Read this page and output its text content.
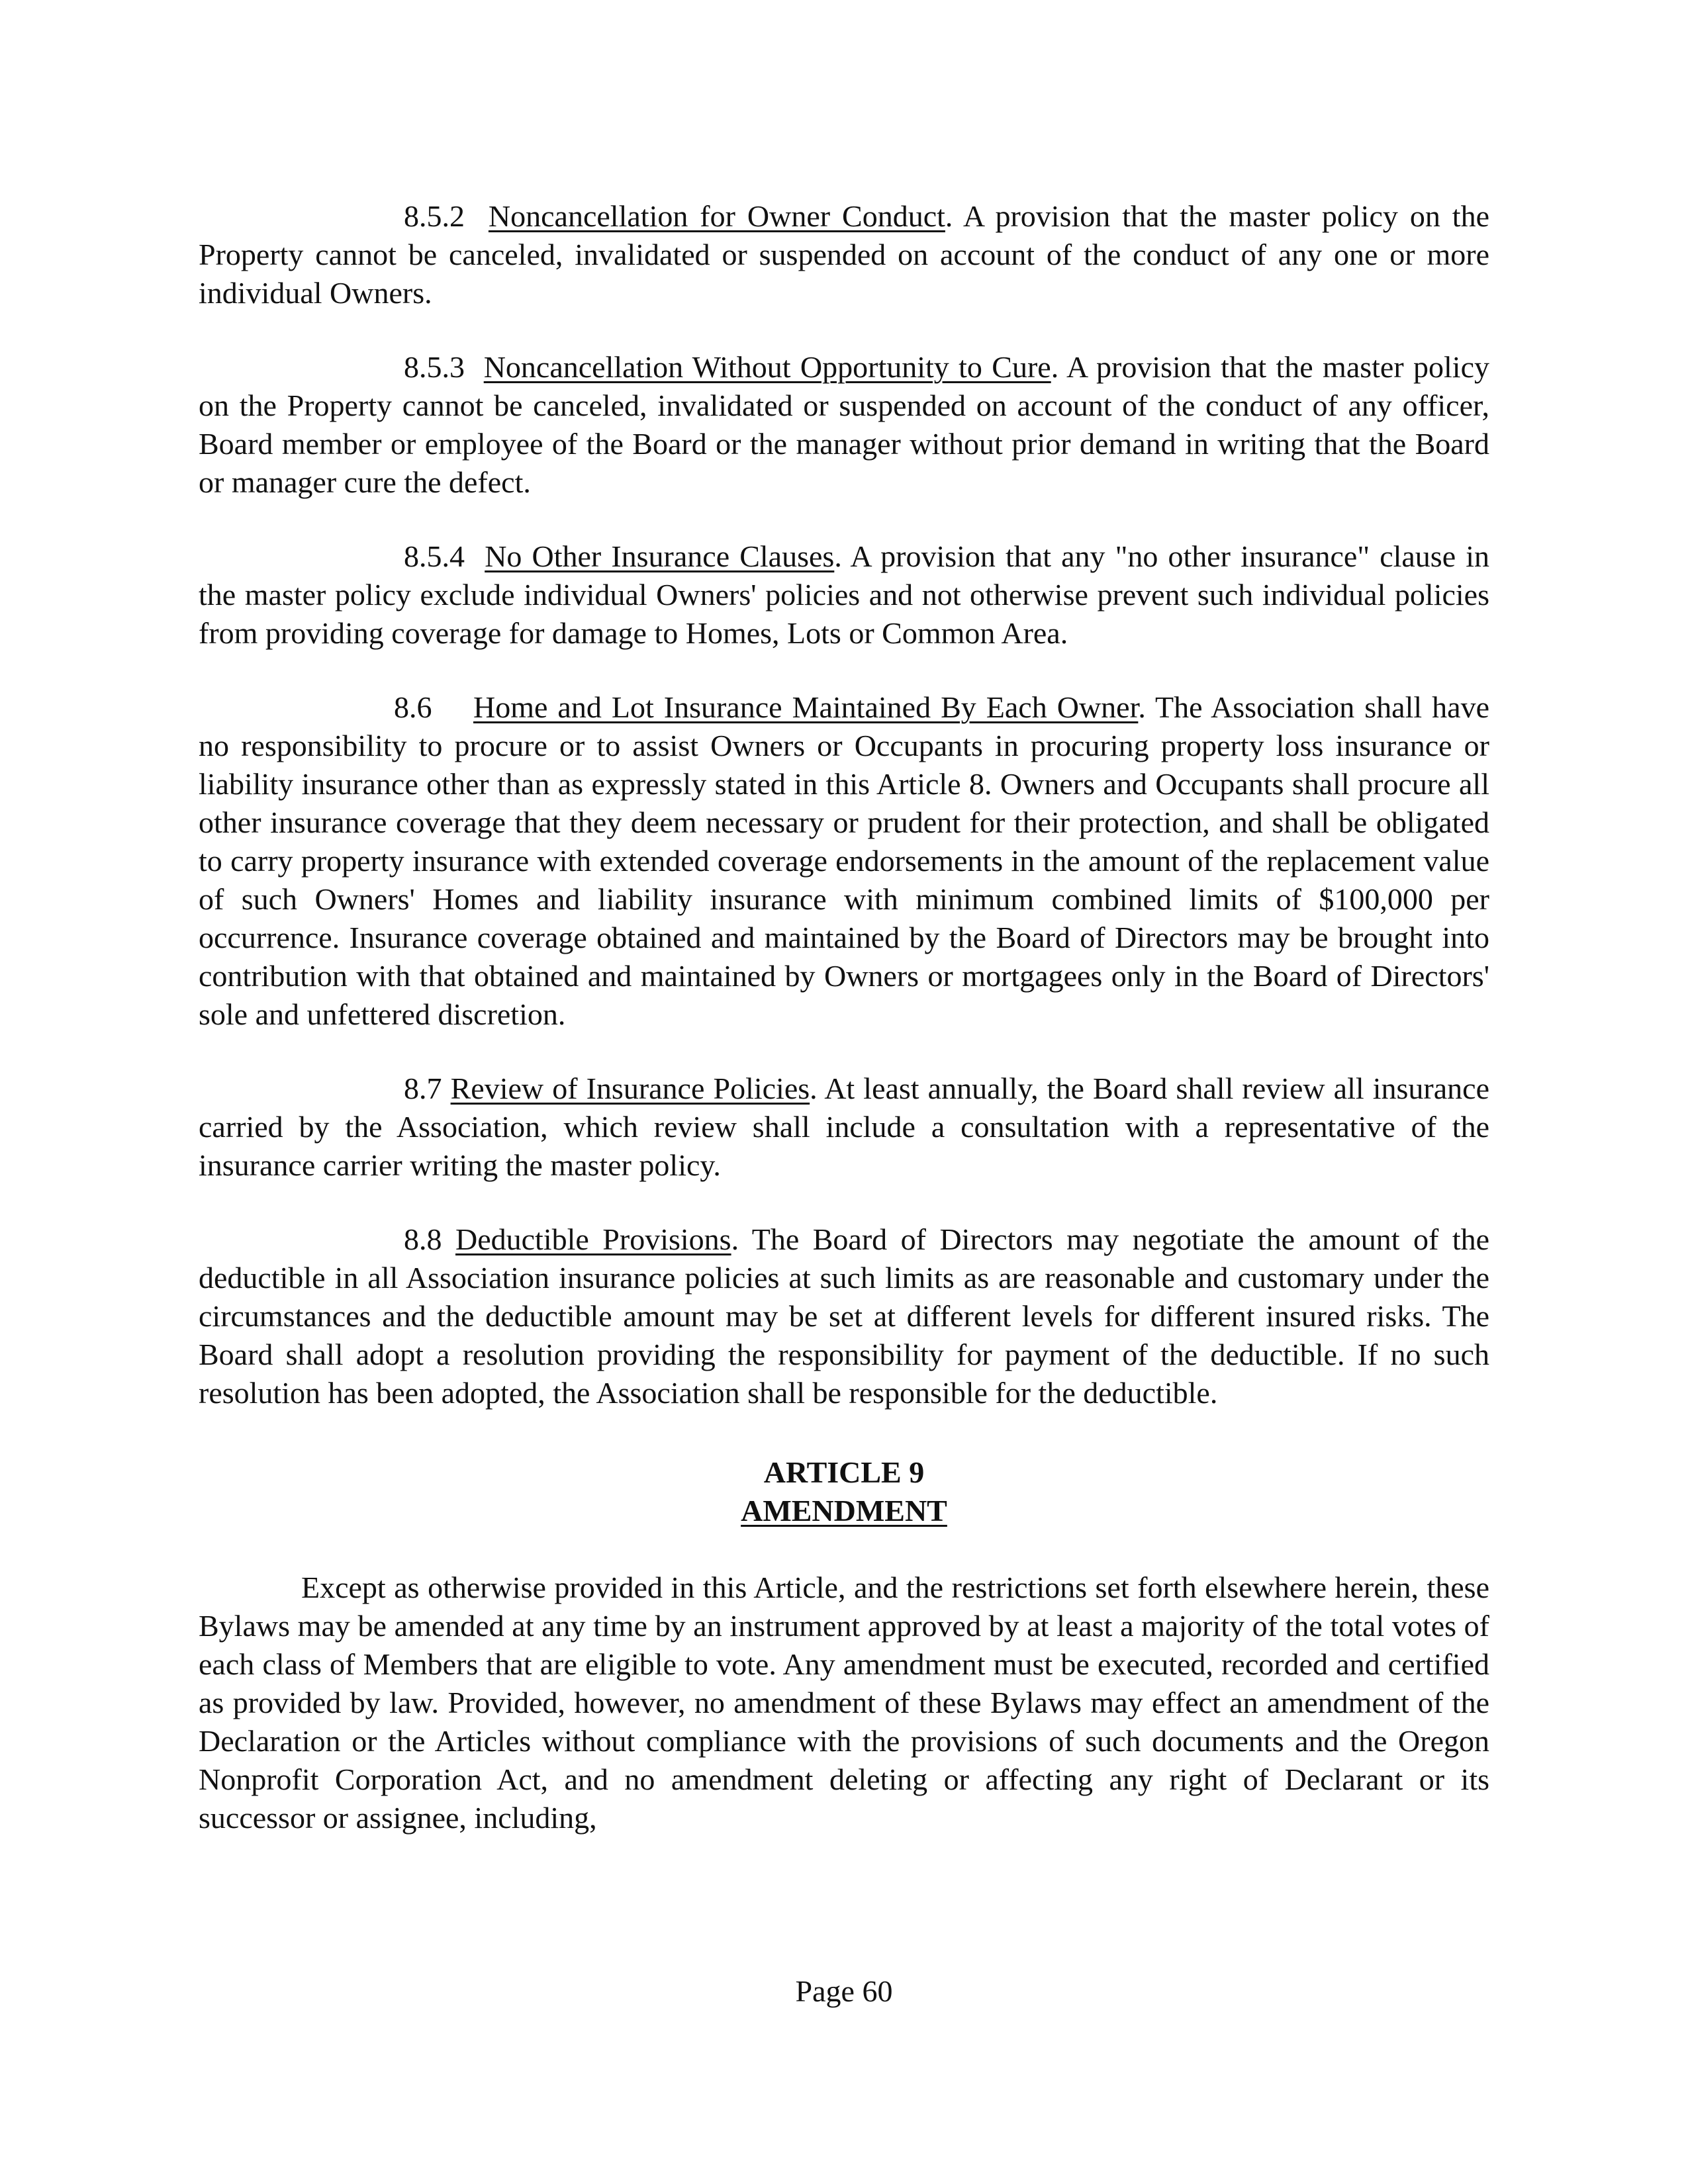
8.5.2 Noncancellation for Owner Conduct. A provision that the master policy on the Property cannot be canceled, invalidated or suspended on account of the conduct of any one or more individual Owners.

8.5.3 Noncancellation Without Opportunity to Cure. A provision that the master policy on the Property cannot be canceled, invalidated or suspended on account of the conduct of any officer, Board member or employee of the Board or the manager without prior demand in writing that the Board or manager cure the defect.

8.5.4 No Other Insurance Clauses. A provision that any "no other insurance" clause in the master policy exclude individual Owners' policies and not otherwise prevent such individual policies from providing coverage for damage to Homes, Lots or Common Area.

8.6 Home and Lot Insurance Maintained By Each Owner. The Association shall have no responsibility to procure or to assist Owners or Occupants in procuring property loss insurance or liability insurance other than as expressly stated in this Article 8. Owners and Occupants shall procure all other insurance coverage that they deem necessary or prudent for their protection, and shall be obligated to carry property insurance with extended coverage endorsements in the amount of the replacement value of such Owners' Homes and liability insurance with minimum combined limits of $100,000 per occurrence. Insurance coverage obtained and maintained by the Board of Directors may be brought into contribution with that obtained and maintained by Owners or mortgagees only in the Board of Directors' sole and unfettered discretion.

8.7 Review of Insurance Policies. At least annually, the Board shall review all insurance carried by the Association, which review shall include a consultation with a representative of the insurance carrier writing the master policy.

8.8 Deductible Provisions. The Board of Directors may negotiate the amount of the deductible in all Association insurance policies at such limits as are reasonable and customary under the circumstances and the deductible amount may be set at different levels for different insured risks. The Board shall adopt a resolution providing the responsibility for payment of the deductible. If no such resolution has been adopted, the Association shall be responsible for the deductible.

ARTICLE 9
AMENDMENT

Except as otherwise provided in this Article, and the restrictions set forth elsewhere herein, these Bylaws may be amended at any time by an instrument approved by at least a majority of the total votes of each class of Members that are eligible to vote. Any amendment must be executed, recorded and certified as provided by law. Provided, however, no amendment of these Bylaws may effect an amendment of the Declaration or the Articles without compliance with the provisions of such documents and the Oregon Nonprofit Corporation Act, and no amendment deleting or affecting any right of Declarant or its successor or assignee, including,

Page 60
